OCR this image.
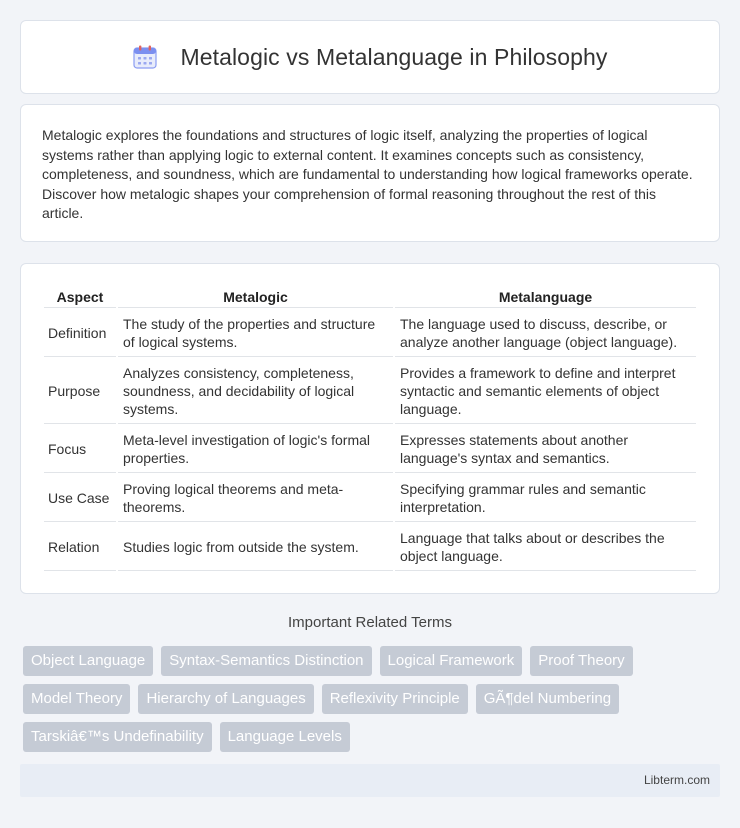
Metalogic vs Metalanguage in Philosophy

Metalogic explores the foundations and structures of logic itself, analyzing the properties of logical systems rather than applying logic to external content. It examines concepts such as consistency, completeness, and soundness, which are fundamental to understanding how logical frameworks operate. Discover how metalogic shapes your comprehension of formal reasoning throughout the rest of this article.

Aspect	Metalogic	Metalanguage
Definition	The study of the properties and structure of logical systems.	The language used to discuss, describe, or analyze another language (object language).
Purpose	Analyzes consistency, completeness, soundness, and decidability of logical systems.	Provides a framework to define and interpret syntactic and semantic elements of object language.
Focus	Meta-level investigation of logic's formal properties.	Expresses statements about another language's syntax and semantics.
Use Case	Proving logical theorems and meta-theorems.	Specifying grammar rules and semantic interpretation.
Relation	Studies logic from outside the system.	Language that talks about or describes the object language.
Important Related Terms
Object Language	Syntax-Semantics Distinction	Logical Framework	Proof Theory
Model Theory	Hierarchy of Languages	Reflexivity Principle	GÃ¶del Numbering
Tarskiâ€™s Undefinability	Language Levels
Libterm.com
